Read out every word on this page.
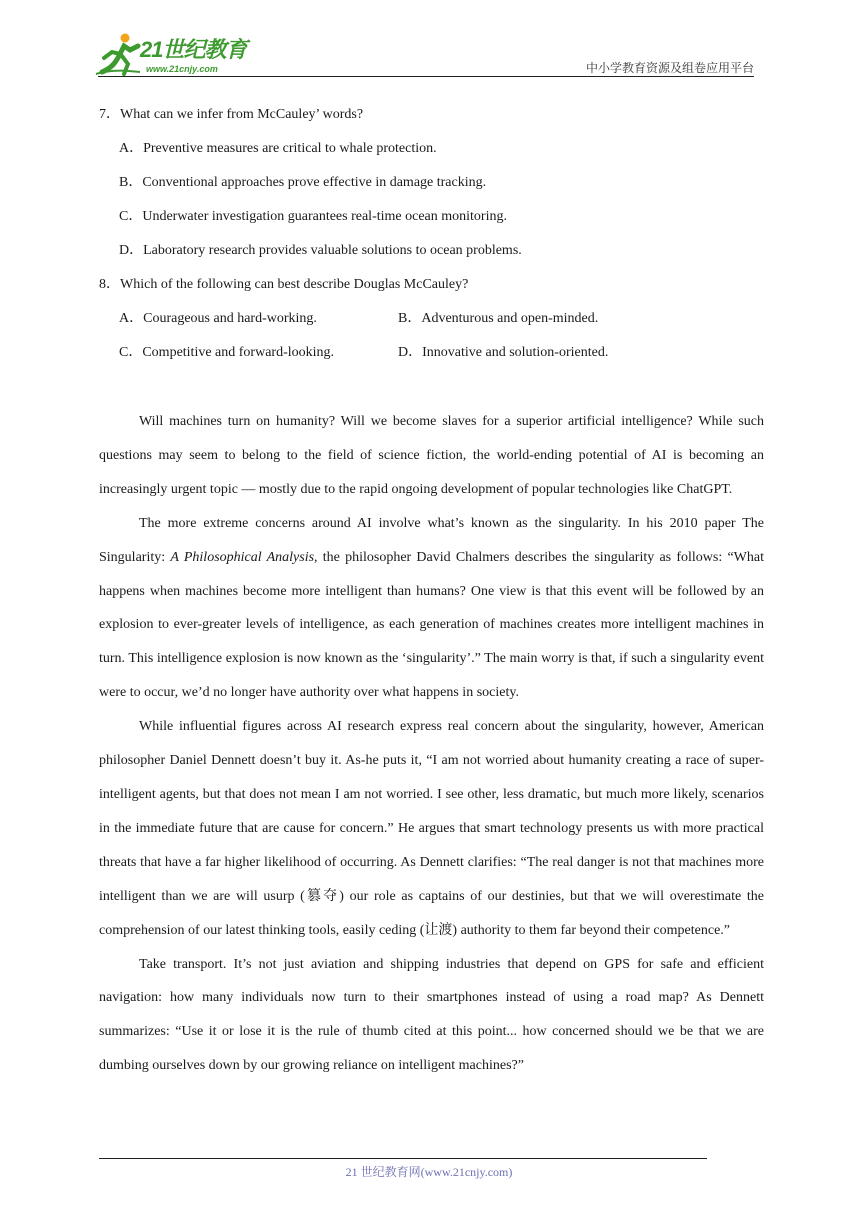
21世纪教育
www.21cnjy.com	中小学教育资源及组卷应用平台
7．What can we infer from McCauley’ words?
A．Preventive measures are critical to whale protection.
B．Conventional approaches prove effective in damage tracking.
C．Underwater investigation guarantees real-time ocean monitoring.
D．Laboratory research provides valuable solutions to ocean problems.
8．Which of the following can best describe Douglas McCauley?
A．Courageous and hard-working.	B．Adventurous and open-minded.
C．Competitive and forward-looking.	D．Innovative and solution-oriented.

Will machines turn on humanity? Will we become slaves for a superior artificial intelligence? While such questions may seem to belong to the field of science fiction, the world-ending potential of AI is becoming an increasingly urgent topic — mostly due to the rapid ongoing development of popular technologies like ChatGPT.

The more extreme concerns around AI involve what’s known as the singularity. In his 2010 paper The Singularity: A Philosophical Analysis, the philosopher David Chalmers describes the singularity as follows: “What happens when machines become more intelligent than humans? One view is that this event will be followed by an explosion to ever-greater levels of intelligence, as each generation of machines creates more intelligent machines in turn. This intelligence explosion is now known as the ‘singularity’.” The main worry is that, if such a singularity event were to occur, we’d no longer have authority over what happens in society.

While influential figures across AI research express real concern about the singularity, however, American philosopher Daniel Dennett doesn’t buy it. As-he puts it, “I am not worried about humanity creating a race of super-intelligent agents, but that does not mean I am not worried. I see other, less dramatic, but much more likely, scenarios in the immediate future that are cause for concern.” He argues that smart technology presents us with more practical threats that have a far higher likelihood of occurring. As Dennett clarifies: “The real danger is not that machines more intelligent than we are will usurp (篡夺) our role as captains of our destinies, but that we will overestimate the comprehension of our latest thinking tools, easily ceding (让渡) authority to them far beyond their competence.”

Take transport. It’s not just aviation and shipping industries that depend on GPS for safe and efficient navigation: how many individuals now turn to their smartphones instead of using a road map? As Dennett summarizes: “Use it or lose it is the rule of thumb cited at this point... how concerned should we be that we are dumbing ourselves down by our growing reliance on intelligent machines?”

21 世纪教育网(www.21cnjy.com)
